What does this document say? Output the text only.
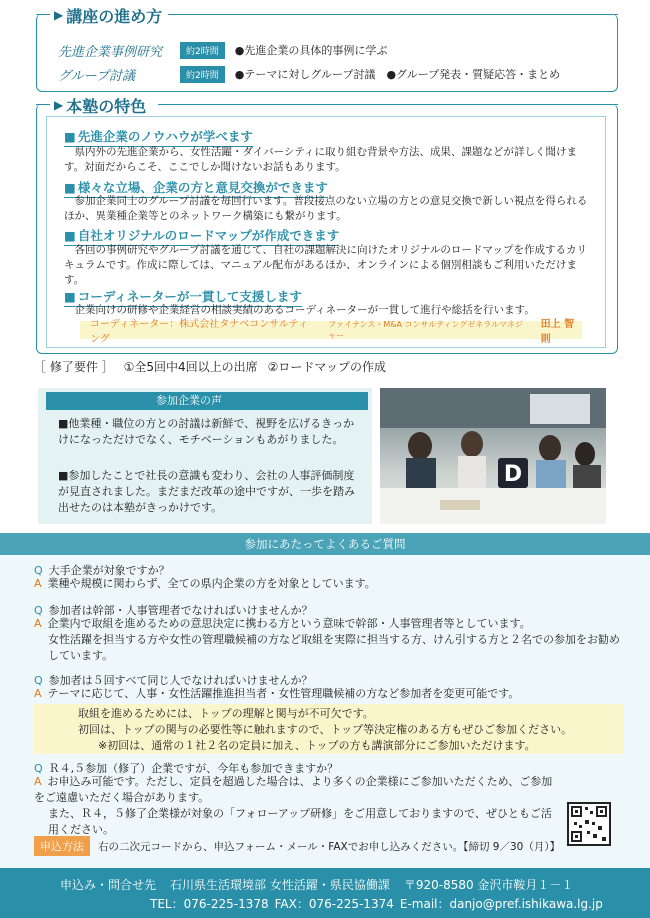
▶ 講座の進め方
先進企業事例研究	約2時間	●先進企業の具体的事例に学ぶ
グループ討議	約2時間	●テーマに対しグループ討議　●グループ発表・質疑応答・まとめ
▶ 本塾の特色
■ 先進企業のノウハウが学べます
県内外の先進企業から、女性活躍・ダイバーシティに取り組む背景や方法、成果、課題などが詳しく聞けます。対面だからこそ、ここでしか聞けないお話もあります。
■ 様々な立場、企業の方と意見交換ができます
参加企業同士のグループ討議を毎回行います。普段接点のない立場の方との意見交換で新しい視点を得られるほか、異業種企業等とのネットワーク構築にも繋がります。
■ 自社オリジナルのロードマップが作成できます
各回の事例研究やグループ討議を通じて、自社の課題解決に向けたオリジナルのロードマップを作成するカリキュラムです。作成に際しては、マニュアル配布があるほか、オンラインによる個別相談もご利用いただけます。
■ コーディネーターが一貫して支援します
企業向けの研修や企業経営の相談実績のあるコーディネーターが一貫して進行や総括を行います。
コーディネーター：株式会社タナベコンサルティング
ファイナンス・M&A コンサルティングゼネラルマネジャー
田上 智則
［ 修了要件 ］ ①全5回中4回以上の出席 ②ロードマップの作成
参加企業の声
■他業種・職位の方との討議は新鮮で、視野を広げるきっかけになっただけでなく、モチベーションもあがりました。
■参加したことで社長の意識も変わり、会社の人事評価制度が見直されました。まだまだ改革の途中ですが、一歩を踏み出せたのは本塾がきっかけです。
D
参加にあたってよくあるご質問
Q 大手企業が対象ですか？
A 業種や規模に関わらず、全ての県内企業の方を対象としています。
Q 参加者は幹部・人事管理者でなければいけませんか？
A 企業内で取組を進めるための意思決定に携わる方という意味で幹部・人事管理者等としています。
女性活躍を担当する方や女性の管理職候補の方など取組を実際に担当する方、けん引する方と２名での参加をお勧めしています。
Q 参加者は５回すべて同じ人でなければいけませんか？
A テーマに応じて、人事・女性活躍推進担当者・女性管理職候補の方など参加者を変更可能です。
取組を進めるためには、トップの理解と関与が不可欠です。
初回は、トップの関与の必要性等に触れますので、トップ等決定権のある方もぜひご参加ください。
※初回は、通常の１社２名の定員に加え、トップの方も講演部分にご参加いただけます。
Q Ｒ４,５参加（修了）企業ですが、今年も参加できますか？
A お申込み可能です。ただし、定員を超過した場合は、より多くの企業様にご参加いただくため、ご参加をご遠慮いただく場合があります。
また、Ｒ４，５修了企業様が対象の「フォローアップ研修」をご用意しておりますので、ぜひともご活用ください。
申込方法	右の二次元コードから、申込フォーム・メール・FAXでお申し込みください。【締切 9／30（月）】
申込み・問合せ先 石川県生活環境部 女性活躍・県民協働課 〒920-8580 金沢市鞍月１－１
TEL：076-225-1378 FAX：076-225-1374 E-mail：danjo@pref.ishikawa.lg.jp
